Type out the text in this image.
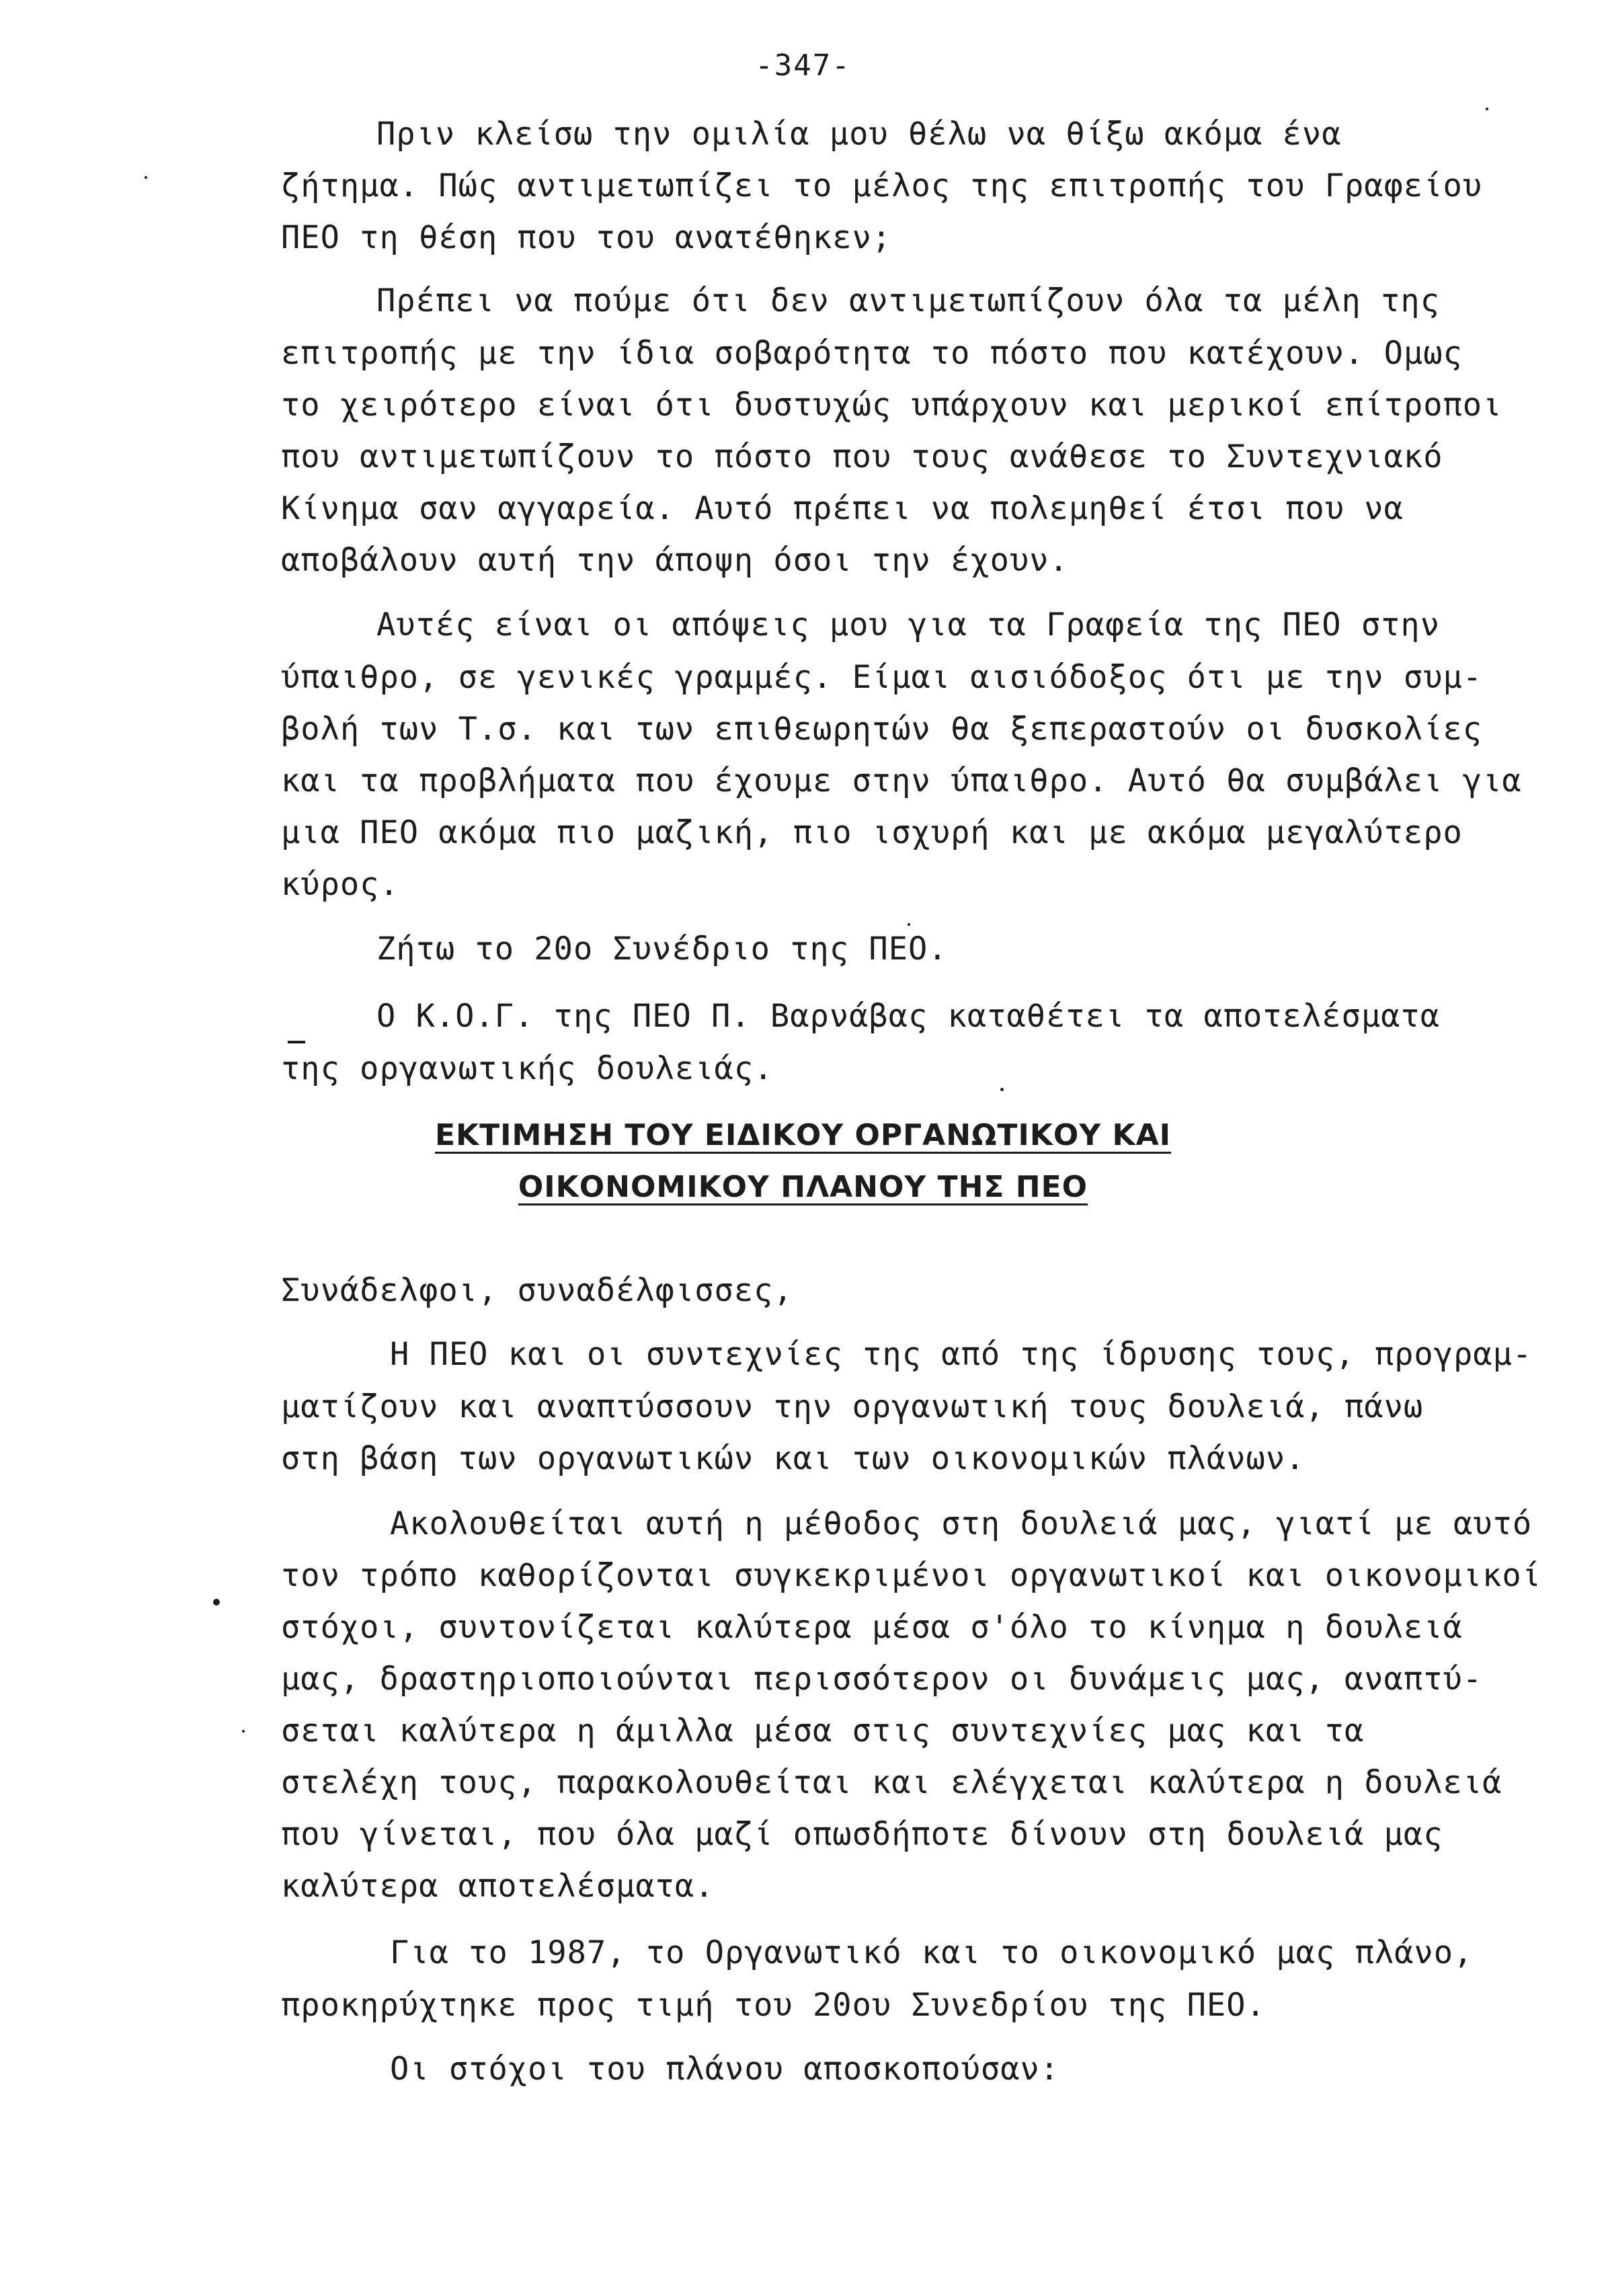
-347-
Πριν κλείσω την ομιλία μου θέλω να θίξω ακόμα ένα
ζήτημα. Πώς αντιμετωπίζει το μέλος της επιτροπής του Γραφείου
ΠΕΟ τη θέση που του ανατέθηκεν;
Πρέπει να πούμε ότι δεν αντιμετωπίζουν όλα τα μέλη της
επιτροπής με την ίδια σοβαρότητα το πόστο που κατέχουν. Ομως
το χειρότερο είναι ότι δυστυχώς υπάρχουν και μερικοί επίτροποι
που αντιμετωπίζουν το πόστο που τους ανάθεσε το Συντεχνιακό
Κίνημα σαν αγγαρεία. Αυτό πρέπει να πολεμηθεί έτσι που να
αποβάλουν αυτή την άποψη όσοι την έχουν.
Αυτές είναι οι απόψεις μου για τα Γραφεία της ΠΕΟ στην
ύπαιθρο, σε γενικές γραμμές. Είμαι αισιόδοξος ότι με την συμ-
βολή των Τ.σ. και των επιθεωρητών θα ξεπεραστούν οι δυσκολίες
και τα προβλήματα που έχουμε στην ύπαιθρο. Αυτό θα συμβάλει για
μια ΠΕΟ ακόμα πιο μαζική, πιο ισχυρή και με ακόμα μεγαλύτερο
κύρος.
Ζήτω το 20ο Συνέδριο της ΠΕΟ.
Ο Κ.Ο.Γ. της ΠΕΟ Π. Βαρνάβας καταθέτει τα αποτελέσματα
της οργανωτικής δουλειάς.
ΕΚΤΙΜΗΣΗ ΤΟΥ ΕΙΔΙΚΟΥ ΟΡΓΑΝΩΤΙΚΟΥ ΚΑΙ
ΟΙΚΟΝΟΜΙΚΟΥ ΠΛΑΝΟΥ ΤΗΣ ΠΕΟ
Συνάδελφοι, συναδέλφισσες,
Η ΠΕΟ και οι συντεχνίες της από της ίδρυσης τους, προγραμ-
ματίζουν και αναπτύσσουν την οργανωτική τους δουλειά, πάνω
στη βάση των οργανωτικών και των οικονομικών πλάνων.
Ακολουθείται αυτή η μέθοδος στη δουλειά μας, γιατί με αυτό
τον τρόπο καθορίζονται συγκεκριμένοι οργανωτικοί και οικονομικοί
στόχοι, συντονίζεται καλύτερα μέσα σ'όλο το κίνημα η δουλειά
μας, δραστηριοποιούνται περισσότερον οι δυνάμεις μας, αναπτύ-
σεται καλύτερα η άμιλλα μέσα στις συντεχνίες μας και τα
στελέχη τους, παρακολουθείται και ελέγχεται καλύτερα η δουλειά
που γίνεται, που όλα μαζί οπωσδήποτε δίνουν στη δουλειά μας
καλύτερα αποτελέσματα.
Για το 1987, το Οργανωτικό και το οικονομικό μας πλάνο,
προκηρύχτηκε προς τιμή του 20ου Συνεδρίου της ΠΕΟ.
Οι στόχοι του πλάνου αποσκοπούσαν:
